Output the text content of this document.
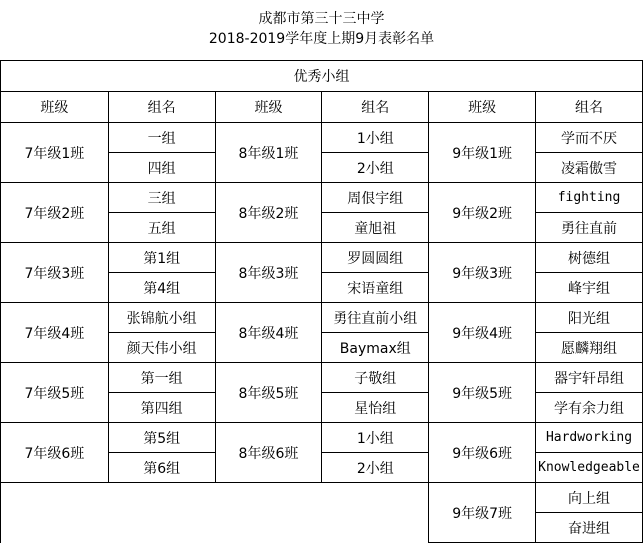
成都市第三十三中学
2018-2019学年度上期9月表彰名单
优秀小组					
班级	组名	班级	组名	班级	组名
7年级1班	一组	8年级1班	1小组	9年级1班	学而不厌
	四组		2小组		凌霜傲雪
7年级2班	三组	8年级2班	周佷宇组	9年级2班	fighting
	五组		童旭祖		勇往直前
7年级3班	第1组	8年级3班	罗圆圆组	9年级3班	树德组
	第4组		宋语童组		峰宇组
7年级4班	张锦航小组	8年级4班	勇往直前小组	9年级4班	阳光组
	颜天伟小组		Baymax组		愿麟翔组
7年级5班	第一组	8年级5班	子敬组	9年级5班	器宇轩昂组
	第四组		星怡组		学有余力组
7年级6班	第5组	8年级6班	1小组	9年级6班	Hardworking
	第6组		2小组		Knowledgeable
				9年级7班	向上组
					奋进组
